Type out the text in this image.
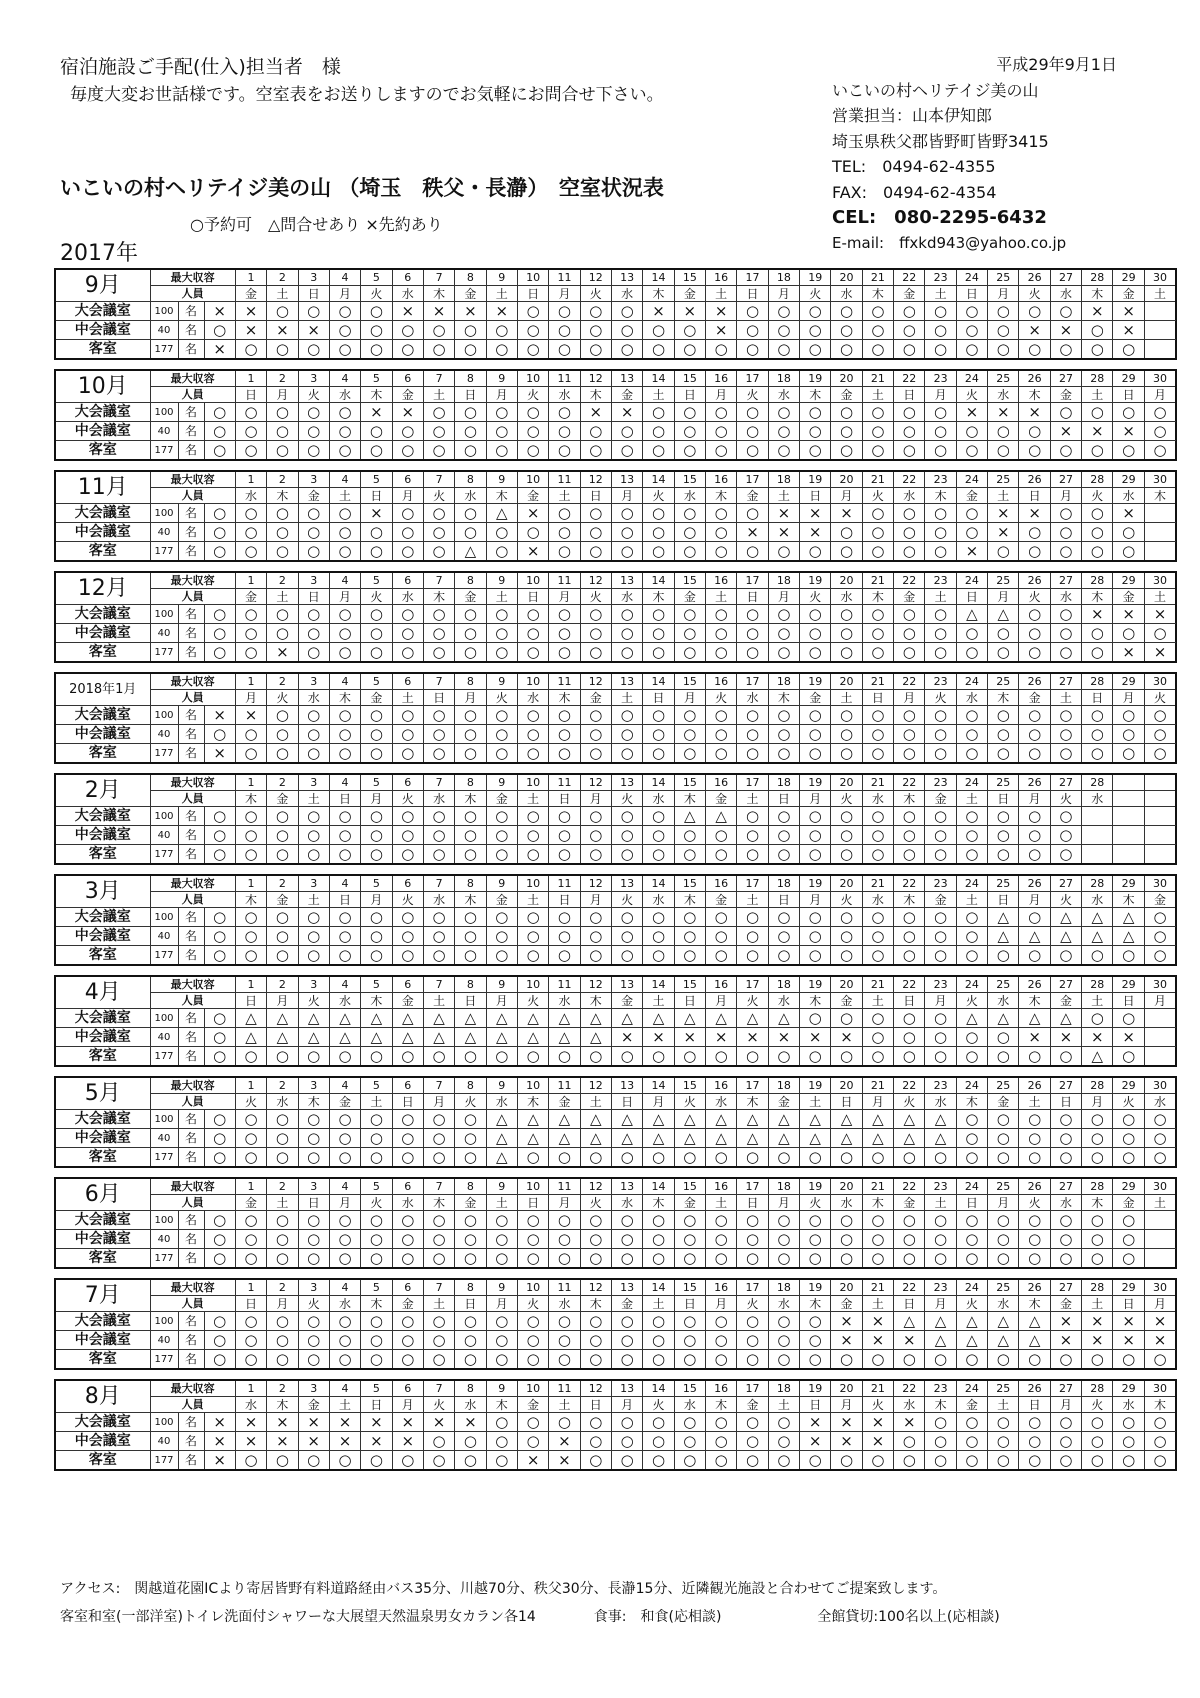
宿泊施設ご手配(仕入)担当者　様
毎度大変お世話様です。空室表をお送りしますのでお気軽にお問合せ下さい。
いこいの村ヘリテイジ美の山 （埼玉　秩父・長瀞）　空室状況表
○予約可　△問合せあり ×先約あり
2017年
平成29年9月1日
いこいの村ヘリテイジ美の山
営業担当：山本伊知郎
埼玉県秩父郡皆野町皆野3415
TEL:　0494-62-4355
FAX:　0494-62-4354
CEL:　080-2295-6432
E-mail:　ffxkd943@yahoo.co.jp
9月	最大収容			1	2	3	4	5	6	7	8	9	10	11	12	13	14	15	16	17	18	19	20	21	22	23	24	25	26	27	28	29	30	
	人員			金	土	日	月	火	水	木	金	土	日	月	火	水	木	金	土	日	月	火	水	木	金	土	日	月	火	水	木	金	土	
大会議室	100	名	×	×	○	○	○	○	×	×	×	×	○	○	○	○	×	×	×	○	○	○	○	○	○	○	○	○	○	○	×	×		
中会議室	40	名	○	×	×	×	○	○	○	○	○	○	○	○	○	○	○	○	×	○	○	○	○	○	○	○	○	○	×	×	○	×		
客室	177	名	×	○	○	○	○	○	○	○	○	○	○	○	○	○	○	○	○	○	○	○	○	○	○	○	○	○	○	○	○	○		
10月	最大収容			1	2	3	4	5	6	7	8	9	10	11	12	13	14	15	16	17	18	19	20	21	22	23	24	25	26	27	28	29	30	
	人員			日	月	火	水	木	金	土	日	月	火	水	木	金	土	日	月	火	水	木	金	土	日	月	火	水	木	金	土	日	月	
大会議室	100	名	○	○	○	○	○	×	×	○	○	○	○	○	×	×	○	○	○	○	○	○	○	○	○	○	×	×	×	○	○	○	○	
中会議室	40	名	○	○	○	○	○	○	○	○	○	○	○	○	○	○	○	○	○	○	○	○	○	○	○	○	○	○	○	×	×	×	○	
客室	177	名	○	○	○	○	○	○	○	○	○	○	○	○	○	○	○	○	○	○	○	○	○	○	○	○	○	○	○	○	○	○	○	
11月	最大収容			1	2	3	4	5	6	7	8	9	10	11	12	13	14	15	16	17	18	19	20	21	22	23	24	25	26	27	28	29	30	
	人員			水	木	金	土	日	月	火	水	木	金	土	日	月	火	水	木	金	土	日	月	火	水	木	金	土	日	月	火	水	木	
大会議室	100	名	○	○	○	○	○	×	○	○	○	△	×	○	○	○	○	○	○	○	×	×	×	○	○	○	○	×	×	○	○	×		
中会議室	40	名	○	○	○	○	○	○	○	○	○	○	○	○	○	○	○	○	○	×	×	×	○	○	○	○	○	×	○	○	○	○		
客室	177	名	○	○	○	○	○	○	○	○	△	○	×	○	○	○	○	○	○	○	○	○	○	○	○	○	×	○	○	○	○	○		
12月	最大収容			1	2	3	4	5	6	7	8	9	10	11	12	13	14	15	16	17	18	19	20	21	22	23	24	25	26	27	28	29	30	
	人員			金	土	日	月	火	水	木	金	土	日	月	火	水	木	金	土	日	月	火	水	木	金	土	日	月	火	水	木	金	土	
大会議室	100	名	○	○	○	○	○	○	○	○	○	○	○	○	○	○	○	○	○	○	○	○	○	○	○	○	△	△	○	○	×	×	×	
中会議室	40	名	○	○	○	○	○	○	○	○	○	○	○	○	○	○	○	○	○	○	○	○	○	○	○	○	○	○	○	○	○	○	○	
客室	177	名	○	○	×	○	○	○	○	○	○	○	○	○	○	○	○	○	○	○	○	○	○	○	○	○	○	○	○	○	○	×	×	
2018年1月	最大収容			1	2	3	4	5	6	7	8	9	10	11	12	13	14	15	16	17	18	19	20	21	22	23	24	25	26	27	28	29	30	
	人員			月	火	水	木	金	土	日	月	火	水	木	金	土	日	月	火	水	木	金	土	日	月	火	水	木	金	土	日	月	火	
大会議室	100	名	×	×	○	○	○	○	○	○	○	○	○	○	○	○	○	○	○	○	○	○	○	○	○	○	○	○	○	○	○	○	○	
中会議室	40	名	○	○	○	○	○	○	○	○	○	○	○	○	○	○	○	○	○	○	○	○	○	○	○	○	○	○	○	○	○	○	○	
客室	177	名	×	○	○	○	○	○	○	○	○	○	○	○	○	○	○	○	○	○	○	○	○	○	○	○	○	○	○	○	○	○	○	
2月	最大収容			1	2	3	4	5	6	7	8	9	10	11	12	13	14	15	16	17	18	19	20	21	22	23	24	25	26	27	28			
	人員			木	金	土	日	月	火	水	木	金	土	日	月	火	水	木	金	土	日	月	火	水	木	金	土	日	月	火	水			
大会議室	100	名	○	○	○	○	○	○	○	○	○	○	○	○	○	○	○	△	△	○	○	○	○	○	○	○	○	○	○	○				
中会議室	40	名	○	○	○	○	○	○	○	○	○	○	○	○	○	○	○	○	○	○	○	○	○	○	○	○	○	○	○	○				
客室	177	名	○	○	○	○	○	○	○	○	○	○	○	○	○	○	○	○	○	○	○	○	○	○	○	○	○	○	○	○				
3月	最大収容			1	2	3	4	5	6	7	8	9	10	11	12	13	14	15	16	17	18	19	20	21	22	23	24	25	26	27	28	29	30	
	人員			木	金	土	日	月	火	水	木	金	土	日	月	火	水	木	金	土	日	月	火	水	木	金	土	日	月	火	水	木	金	
大会議室	100	名	○	○	○	○	○	○	○	○	○	○	○	○	○	○	○	○	○	○	○	○	○	○	○	○	○	△	○	△	△	△	○	
中会議室	40	名	○	○	○	○	○	○	○	○	○	○	○	○	○	○	○	○	○	○	○	○	○	○	○	○	○	△	△	△	△	△	○	
客室	177	名	○	○	○	○	○	○	○	○	○	○	○	○	○	○	○	○	○	○	○	○	○	○	○	○	○	○	○	○	○	○	○	
4月	最大収容			1	2	3	4	5	6	7	8	9	10	11	12	13	14	15	16	17	18	19	20	21	22	23	24	25	26	27	28	29	30	
	人員			日	月	火	水	木	金	土	日	月	火	水	木	金	土	日	月	火	水	木	金	土	日	月	火	水	木	金	土	日	月	
大会議室	100	名	○	△	△	△	△	△	△	△	△	△	△	△	△	△	△	△	△	△	△	○	○	○	○	○	△	△	△	△	○	○		
中会議室	40	名	○	△	△	△	△	△	△	△	△	△	△	△	△	×	×	×	×	×	×	×	×	○	○	○	○	○	×	×	×	×		
客室	177	名	○	○	○	○	○	○	○	○	○	○	○	○	○	○	○	○	○	○	○	○	○	○	○	○	○	○	○	○	△	○		
5月	最大収容			1	2	3	4	5	6	7	8	9	10	11	12	13	14	15	16	17	18	19	20	21	22	23	24	25	26	27	28	29	30	
	人員			火	水	木	金	土	日	月	火	水	木	金	土	日	月	火	水	木	金	土	日	月	火	水	木	金	土	日	月	火	水	
大会議室	100	名	○	○	○	○	○	○	○	○	○	△	△	△	△	△	△	△	△	△	△	△	△	△	△	△	○	○	○	○	○	○	○	
中会議室	40	名	○	○	○	○	○	○	○	○	○	△	△	△	△	△	△	△	△	△	△	△	△	△	△	△	○	○	○	○	○	○	○	
客室	177	名	○	○	○	○	○	○	○	○	○	△	○	○	○	○	○	○	○	○	○	○	○	○	○	○	○	○	○	○	○	○	○	
6月	最大収容			1	2	3	4	5	6	7	8	9	10	11	12	13	14	15	16	17	18	19	20	21	22	23	24	25	26	27	28	29	30	
	人員			金	土	日	月	火	水	木	金	土	日	月	火	水	木	金	土	日	月	火	水	木	金	土	日	月	火	水	木	金	土	
大会議室	100	名	○	○	○	○	○	○	○	○	○	○	○	○	○	○	○	○	○	○	○	○	○	○	○	○	○	○	○	○	○	○		
中会議室	40	名	○	○	○	○	○	○	○	○	○	○	○	○	○	○	○	○	○	○	○	○	○	○	○	○	○	○	○	○	○	○		
客室	177	名	○	○	○	○	○	○	○	○	○	○	○	○	○	○	○	○	○	○	○	○	○	○	○	○	○	○	○	○	○	○		
7月	最大収容			1	2	3	4	5	6	7	8	9	10	11	12	13	14	15	16	17	18	19	20	21	22	23	24	25	26	27	28	29	30	
	人員			日	月	火	水	木	金	土	日	月	火	水	木	金	土	日	月	火	水	木	金	土	日	月	火	水	木	金	土	日	月	
大会議室	100	名	○	○	○	○	○	○	○	○	○	○	○	○	○	○	○	○	○	○	○	○	×	×	△	△	△	△	△	×	×	×	×	
中会議室	40	名	○	○	○	○	○	○	○	○	○	○	○	○	○	○	○	○	○	○	○	○	×	×	×	△	△	△	△	×	×	×	×	
客室	177	名	○	○	○	○	○	○	○	○	○	○	○	○	○	○	○	○	○	○	○	○	○	○	○	○	○	○	○	○	○	○	○	
8月	最大収容			1	2	3	4	5	6	7	8	9	10	11	12	13	14	15	16	17	18	19	20	21	22	23	24	25	26	27	28	29	30	
	人員			水	木	金	土	日	月	火	水	木	金	土	日	月	火	水	木	金	土	日	月	火	水	木	金	土	日	月	火	水	木	
大会議室	100	名	×	×	×	×	×	×	×	×	×	○	○	○	○	○	○	○	○	○	○	×	×	×	×	○	○	○	○	○	○	○	○	
中会議室	40	名	×	×	×	×	×	×	×	○	○	○	○	×	○	○	○	○	○	○	○	×	×	×	○	○	○	○	○	○	○	○	○	
客室	177	名	×	○	○	○	○	○	○	○	○	○	×	×	○	○	○	○	○	○	○	○	○	○	○	○	○	○	○	○	○	○	○	
アクセス:　関越道花園ICより寄居皆野有料道路経由バス35分、川越70分、秩父30分、長瀞15分、近隣観光施設と合わせてご提案致します。
客室和室(一部洋室)トイレ洗面付シャワーな大展望天然温泉男女カラン各14	食事:　和食(応相談)	全館貸切:100名以上(応相談)
